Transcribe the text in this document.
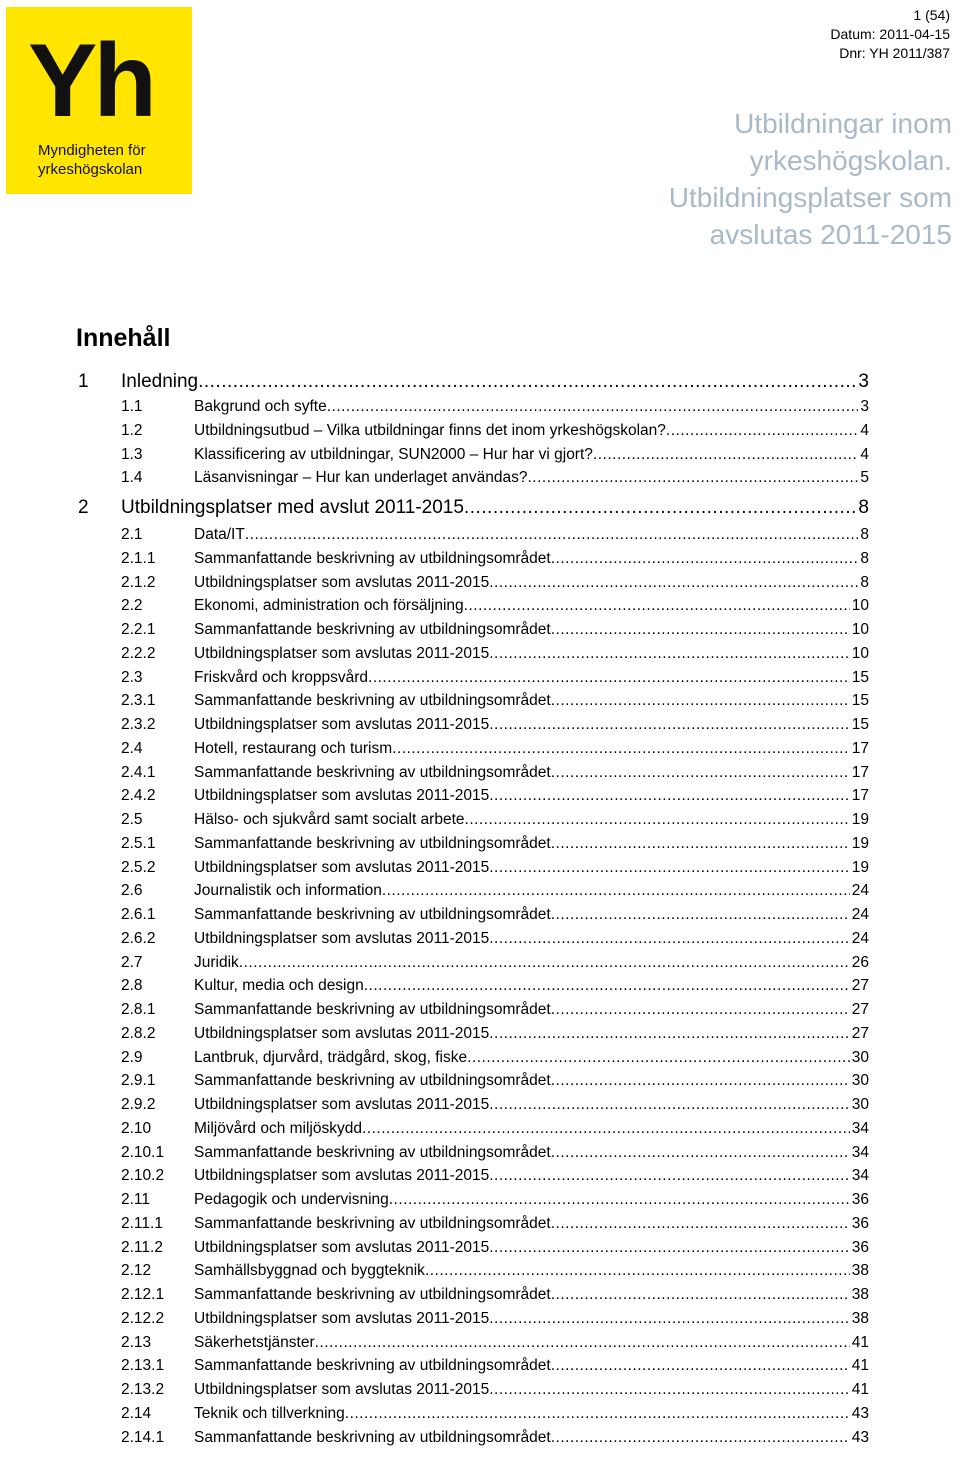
Yh
Myndigheten för
yrkeshögskolan
1 (54)
Datum: 2011-04-15
Dnr: YH 2011/387
Utbildningar inom
yrkeshögskolan.
Utbildningsplatser som
avslutas 2011-2015
Innehåll
1	Inledning .....	3
1.1	Bakgrund och syfte .....	3
1.2	Utbildningsutbud – Vilka utbildningar finns det inom yrkeshögskolan? .....	4
1.3	Klassificering av utbildningar, SUN2000 – Hur har vi gjort? .....	4
1.4	Läsanvisningar – Hur kan underlaget användas? .....	5
2	Utbildningsplatser med avslut 2011-2015 .....	8
2.1	Data/IT .....	8
2.1.1	Sammanfattande beskrivning av utbildningsområdet .....	8
2.1.2	Utbildningsplatser som avslutas 2011-2015 .....	8
2.2	Ekonomi, administration och försäljning .....	10
2.2.1	Sammanfattande beskrivning av utbildningsområdet .....	10
2.2.2	Utbildningsplatser som avslutas 2011-2015 .....	10
2.3	Friskvård och kroppsvård .....	15
2.3.1	Sammanfattande beskrivning av utbildningsområdet .....	15
2.3.2	Utbildningsplatser som avslutas 2011-2015 .....	15
2.4	Hotell, restaurang och turism .....	17
2.4.1	Sammanfattande beskrivning av utbildningsområdet .....	17
2.4.2	Utbildningsplatser som avslutas 2011-2015 .....	17
2.5	Hälso- och sjukvård samt socialt arbete .....	19
2.5.1	Sammanfattande beskrivning av utbildningsområdet .....	19
2.5.2	Utbildningsplatser som avslutas 2011-2015 .....	19
2.6	Journalistik och information .....	24
2.6.1	Sammanfattande beskrivning av utbildningsområdet .....	24
2.6.2	Utbildningsplatser som avslutas 2011-2015 .....	24
2.7	Juridik .....	26
2.8	Kultur, media och design .....	27
2.8.1	Sammanfattande beskrivning av utbildningsområdet .....	27
2.8.2	Utbildningsplatser som avslutas 2011-2015 .....	27
2.9	Lantbruk, djurvård, trädgård, skog, fiske .....	30
2.9.1	Sammanfattande beskrivning av utbildningsområdet .....	30
2.9.2	Utbildningsplatser som avslutas 2011-2015 .....	30
2.10	Miljövård och miljöskydd .....	34
2.10.1	Sammanfattande beskrivning av utbildningsområdet .....	34
2.10.2	Utbildningsplatser som avslutas 2011-2015 .....	34
2.11	Pedagogik och undervisning .....	36
2.11.1	Sammanfattande beskrivning av utbildningsområdet .....	36
2.11.2	Utbildningsplatser som avslutas 2011-2015 .....	36
2.12	Samhällsbyggnad och byggteknik .....	38
2.12.1	Sammanfattande beskrivning av utbildningsområdet .....	38
2.12.2	Utbildningsplatser som avslutas 2011-2015 .....	38
2.13	Säkerhetstjänster .....	41
2.13.1	Sammanfattande beskrivning av utbildningsområdet .....	41
2.13.2	Utbildningsplatser som avslutas 2011-2015 .....	41
2.14	Teknik och tillverkning .....	43
2.14.1	Sammanfattande beskrivning av utbildningsområdet .....	43
